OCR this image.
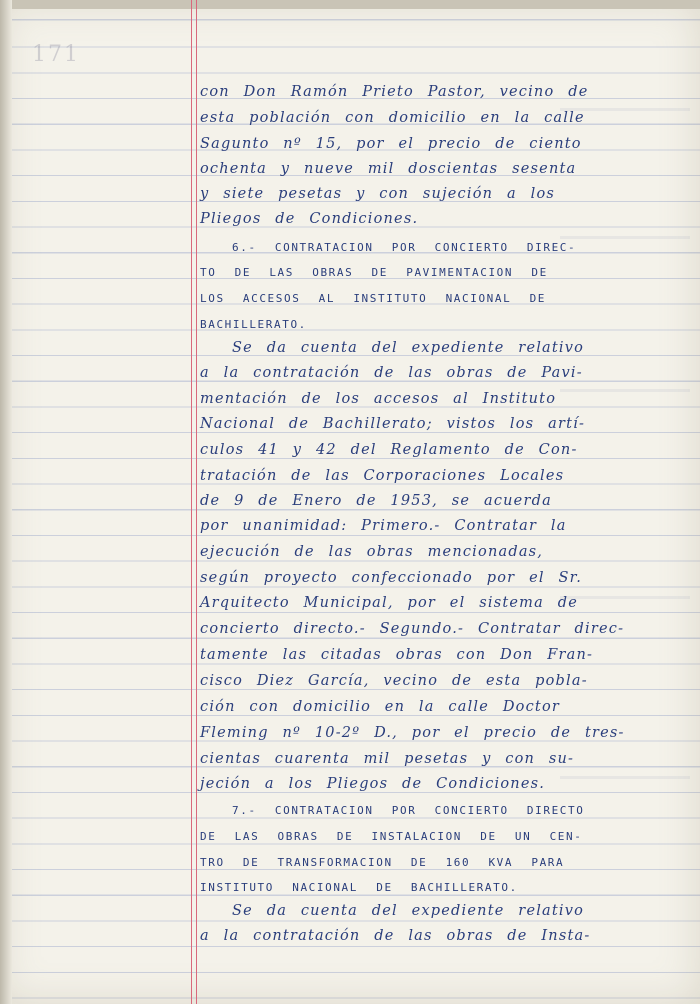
171
con Don Ramón Prieto Pastor, vecino de
esta población con domicilio en la calle
Sagunto nº 15, por el precio de ciento
ochenta y nueve mil doscientas sesenta
y siete pesetas y con sujeción a los
Pliegos de Condiciones.
6.- CONTRATACION POR CONCIERTO DIREC-
TO DE LAS OBRAS DE PAVIMENTACION DE
LOS ACCESOS AL INSTITUTO NACIONAL DE
BACHILLERATO.
Se da cuenta del expediente relativo
a la contratación de las obras de Pavi-
mentación de los accesos al Instituto
Nacional de Bachillerato; vistos los artí-
culos 41 y 42 del Reglamento de Con-
tratación de las Corporaciones Locales
de 9 de Enero de 1953, se acuerda
por unanimidad: Primero.- Contratar la
ejecución de las obras mencionadas,
según proyecto confeccionado por el Sr.
Arquitecto Municipal, por el sistema de
concierto directo.- Segundo.- Contratar direc-
tamente las citadas obras con Don Fran-
cisco Diez García, vecino de esta pobla-
ción con domicilio en la calle Doctor
Fleming nº 10-2º D., por el precio de tres-
cientas cuarenta mil pesetas y con su-
jeción a los Pliegos de Condiciones.
7.- CONTRATACION POR CONCIERTO DIRECTO
DE LAS OBRAS DE INSTALACION DE UN CEN-
TRO DE TRANSFORMACION DE 160 KVA PARA
INSTITUTO NACIONAL DE BACHILLERATO.
Se da cuenta del expediente relativo
a la contratación de las obras de Insta-
